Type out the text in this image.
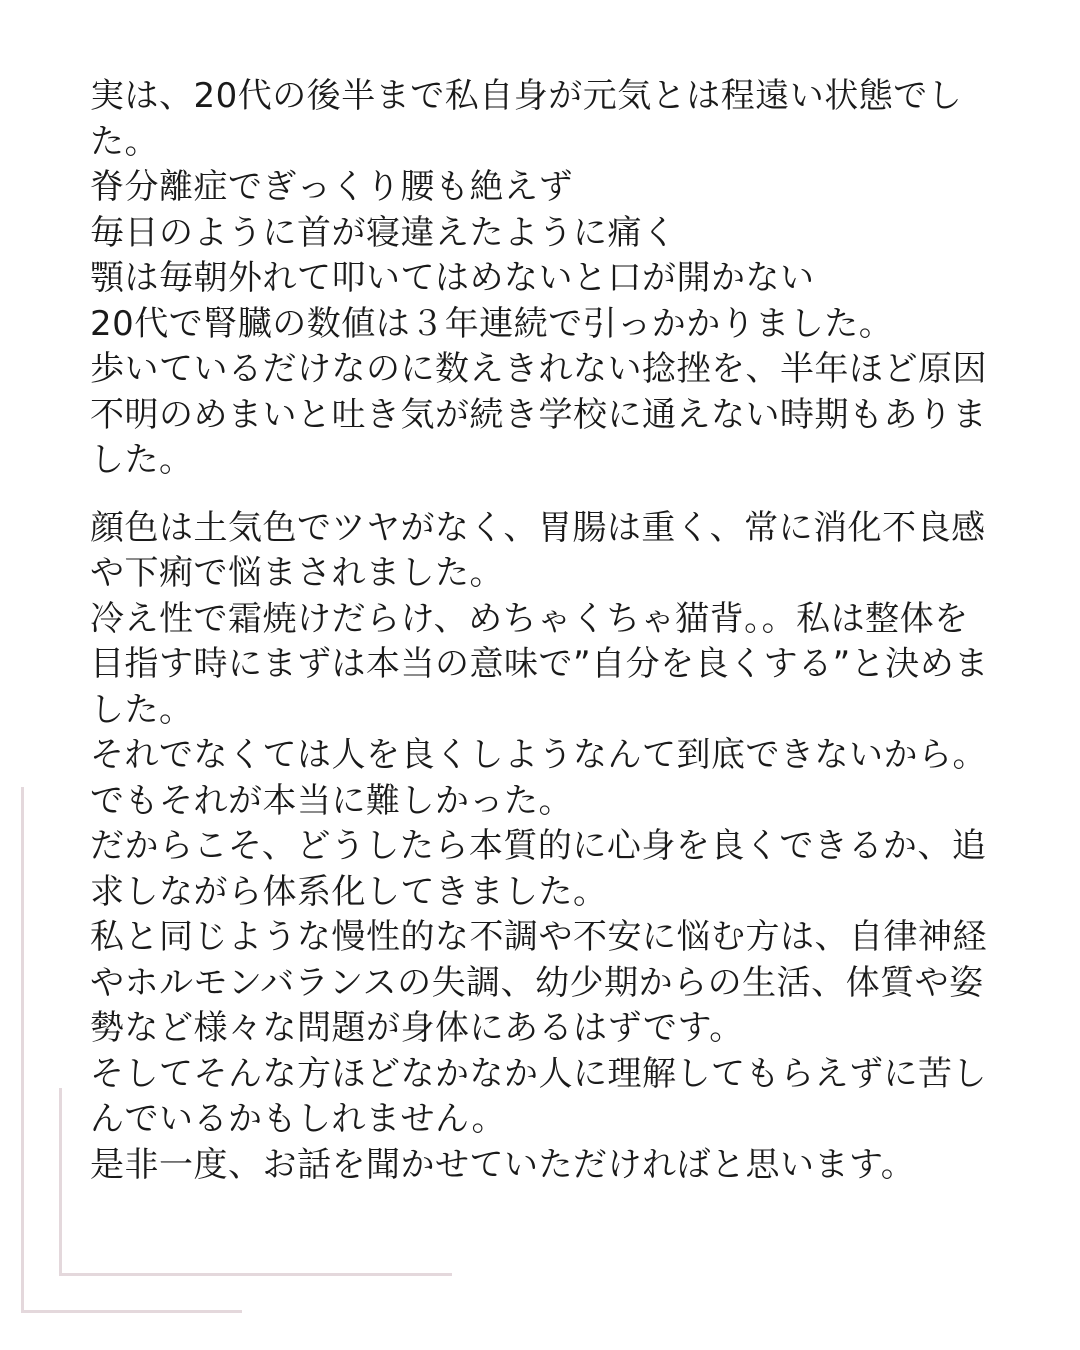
実は、20代の後半まで私自身が元気とは程遠い状態でした。
脊分離症でぎっくり腰も絶えず
毎日のように首が寝違えたように痛く
顎は毎朝外れて叩いてはめないと口が開かない
20代で腎臓の数値は３年連続で引っかかりました。
歩いているだけなのに数えきれない捻挫を、半年ほど原因不明のめまいと吐き気が続き学校に通えない時期もありました。

顔色は土気色でツヤがなく、胃腸は重く、常に消化不良感や下痢で悩まされました。
冷え性で霜焼けだらけ、めちゃくちゃ猫背。。私は整体を目指す時にまずは本当の意味で”自分を良くする”と決めました。
それでなくては人を良くしようなんて到底できないから。でもそれが本当に難しかった。
だからこそ、どうしたら本質的に心身を良くできるか、追求しながら体系化してきました。
私と同じような慢性的な不調や不安に悩む方は、自律神経やホルモンバランスの失調、幼少期からの生活、体質や姿勢など様々な問題が身体にあるはずです。
そしてそんな方ほどなかなか人に理解してもらえずに苦しんでいるかもしれません。
是非一度、お話を聞かせていただければと思います。
